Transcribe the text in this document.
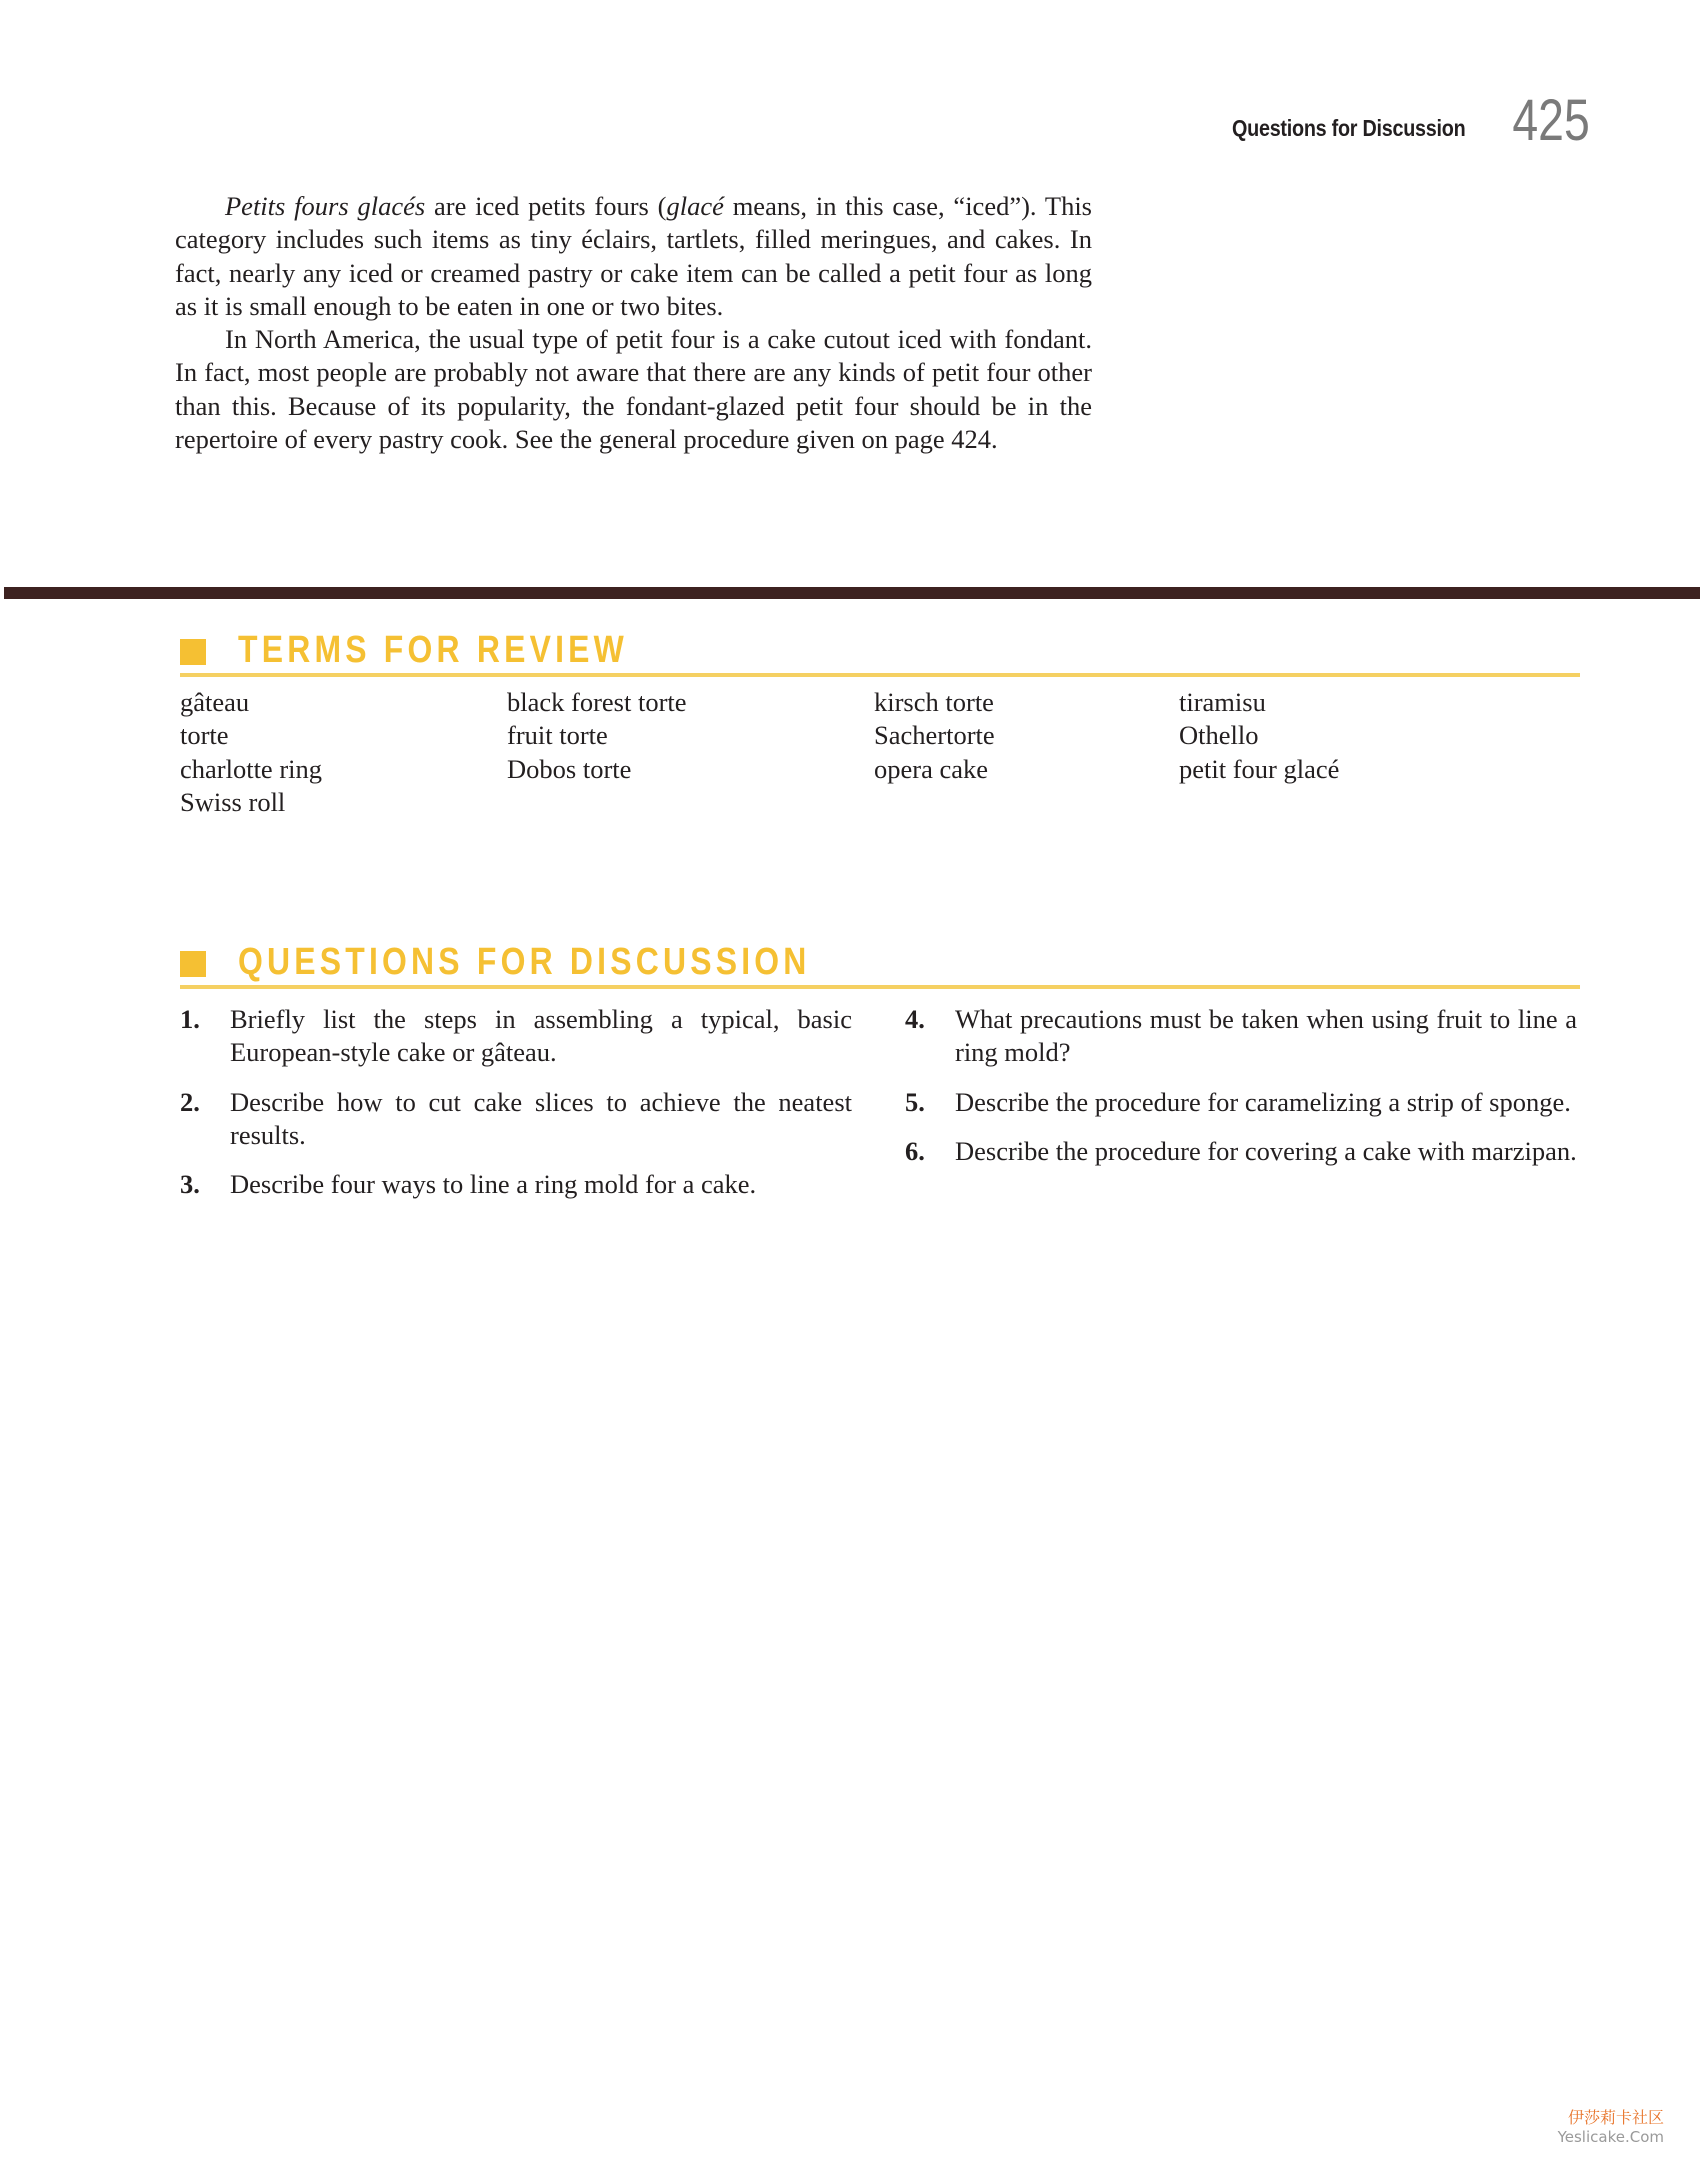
Questions for Discussion 425

Petits fours glacés are iced petits fours (glacé means, in this case, “iced”). This category includes such items as tiny éclairs, tartlets, filled meringues, and cakes. In fact, nearly any iced or creamed pastry or cake item can be called a petit four as long as it is small enough to be eaten in one or two bites.

In North America, the usual type of petit four is a cake cutout iced with fondant. In fact, most people are probably not aware that there are any kinds of petit four other than this. Because of its popularity, the fondant-glazed petit four should be in the repertoire of every pastry cook. See the general procedure given on page 424.

TERMS FOR REVIEW
gâteau
torte
charlotte ring
Swiss roll
black forest torte
fruit torte
Dobos torte
kirsch torte
Sachertorte
opera cake
tiramisu
Othello
petit four glacé
QUESTIONS FOR DISCUSSION
1.	Briefly list the steps in assembling a typical, basic European-style cake or gâteau.
2.	Describe how to cut cake slices to achieve the neatest results.
3.	Describe four ways to line a ring mold for a cake.
4.	What precautions must be taken when using fruit to line a ring mold?
5.	Describe the procedure for caramelizing a strip of sponge.
6.	Describe the procedure for covering a cake with marzipan.
伊莎莉卡社区
Yeslicake.Com
